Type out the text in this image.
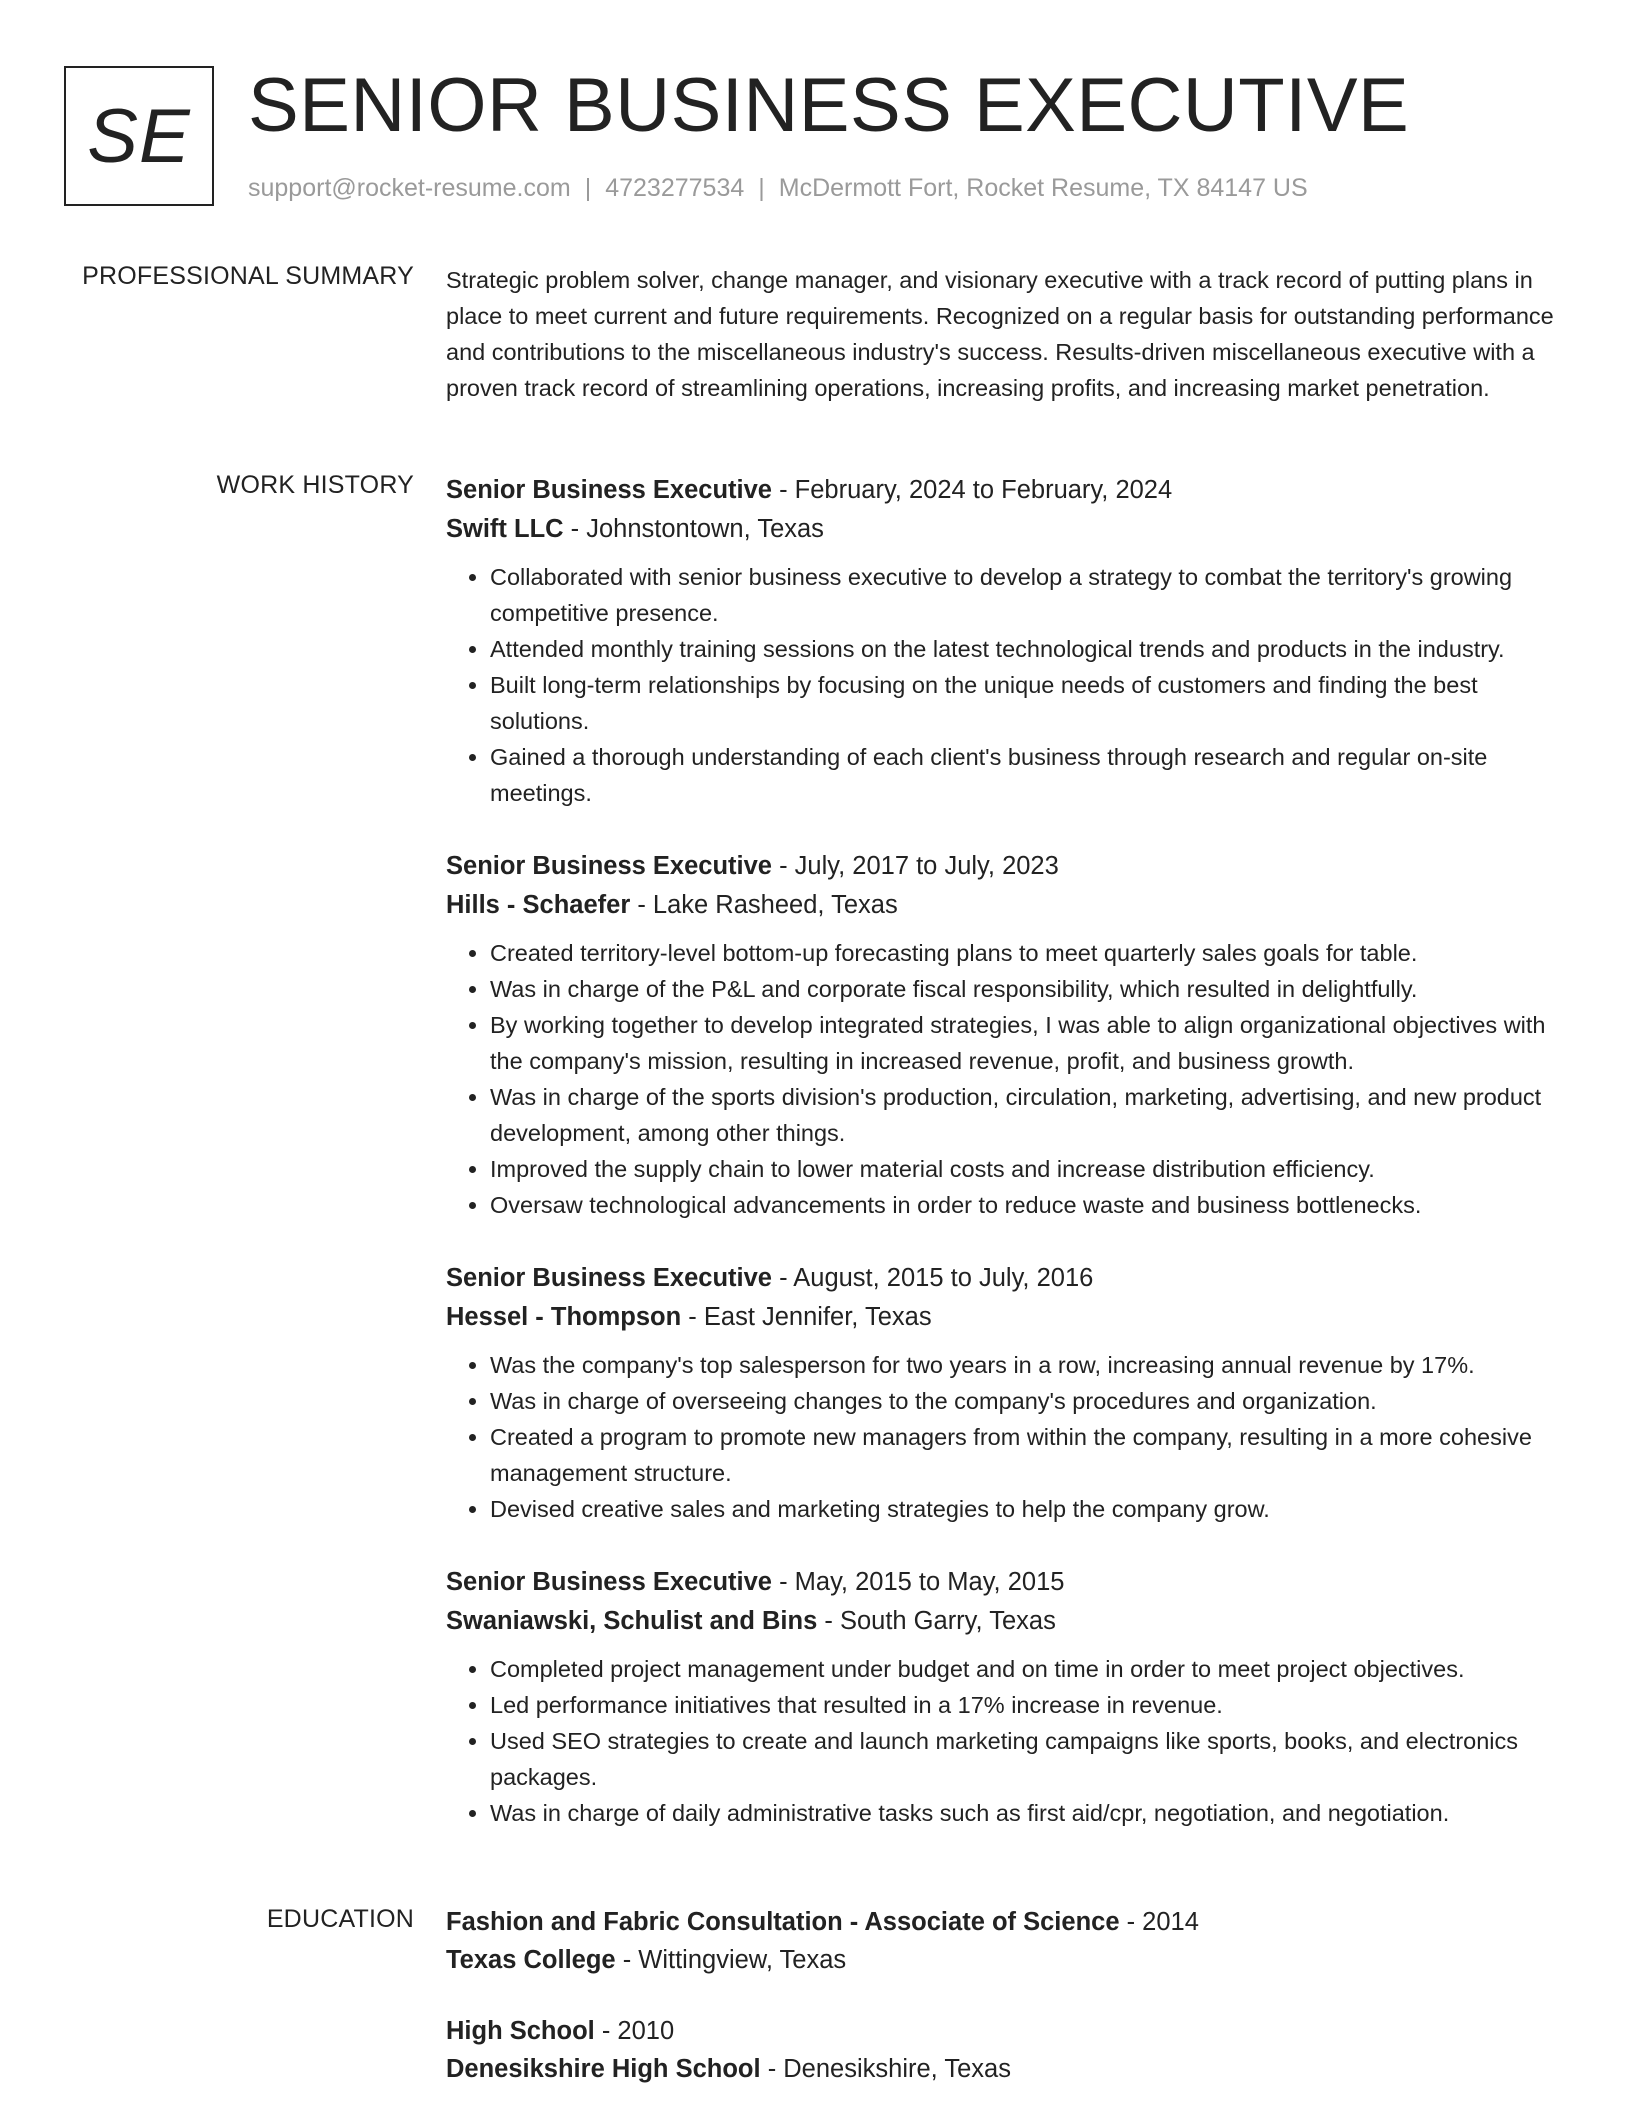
SE SENIOR BUSINESS EXECUTIVE
support@rocket-resume.com | 4723277534 | McDermott Fort, Rocket Resume, TX 84147 US
PROFESSIONAL SUMMARY Strategic problem solver, change manager, and visionary executive with a track record of putting plans in place to meet current and future requirements. Recognized on a regular basis for outstanding performance and contributions to the miscellaneous industry's success. Results-driven miscellaneous executive with a proven track record of streamlining operations, increasing profits, and increasing market penetration.

WORK HISTORY Senior Business Executive - February, 2024 to February, 2024
Swift LLC - Johnstontown, Texas
• Collaborated with senior business executive to develop a strategy to combat the territory's growing competitive presence.
• Attended monthly training sessions on the latest technological trends and products in the industry.
• Built long-term relationships by focusing on the unique needs of customers and finding the best solutions.
• Gained a thorough understanding of each client's business through research and regular on-site meetings.
Senior Business Executive - July, 2017 to July, 2023
Hills - Schaefer - Lake Rasheed, Texas
• Created territory-level bottom-up forecasting plans to meet quarterly sales goals for table.
• Was in charge of the P&L and corporate fiscal responsibility, which resulted in delightfully.
• By working together to develop integrated strategies, I was able to align organizational objectives with the company's mission, resulting in increased revenue, profit, and business growth.
• Was in charge of the sports division's production, circulation, marketing, advertising, and new product development, among other things.
• Improved the supply chain to lower material costs and increase distribution efficiency.
• Oversaw technological advancements in order to reduce waste and business bottlenecks.
Senior Business Executive - August, 2015 to July, 2016
Hessel - Thompson - East Jennifer, Texas
• Was the company's top salesperson for two years in a row, increasing annual revenue by 17%.
• Was in charge of overseeing changes to the company's procedures and organization.
• Created a program to promote new managers from within the company, resulting in a more cohesive management structure.
• Devised creative sales and marketing strategies to help the company grow.
Senior Business Executive - May, 2015 to May, 2015
Swaniawski, Schulist and Bins - South Garry, Texas
• Completed project management under budget and on time in order to meet project objectives.
• Led performance initiatives that resulted in a 17% increase in revenue.
• Used SEO strategies to create and launch marketing campaigns like sports, books, and electronics packages.
• Was in charge of daily administrative tasks such as first aid/cpr, negotiation, and negotiation.
EDUCATION Fashion and Fabric Consultation - Associate of Science - 2014
Texas College - Wittingview, Texas
High School - 2010
Denesikshire High School - Denesikshire, Texas
